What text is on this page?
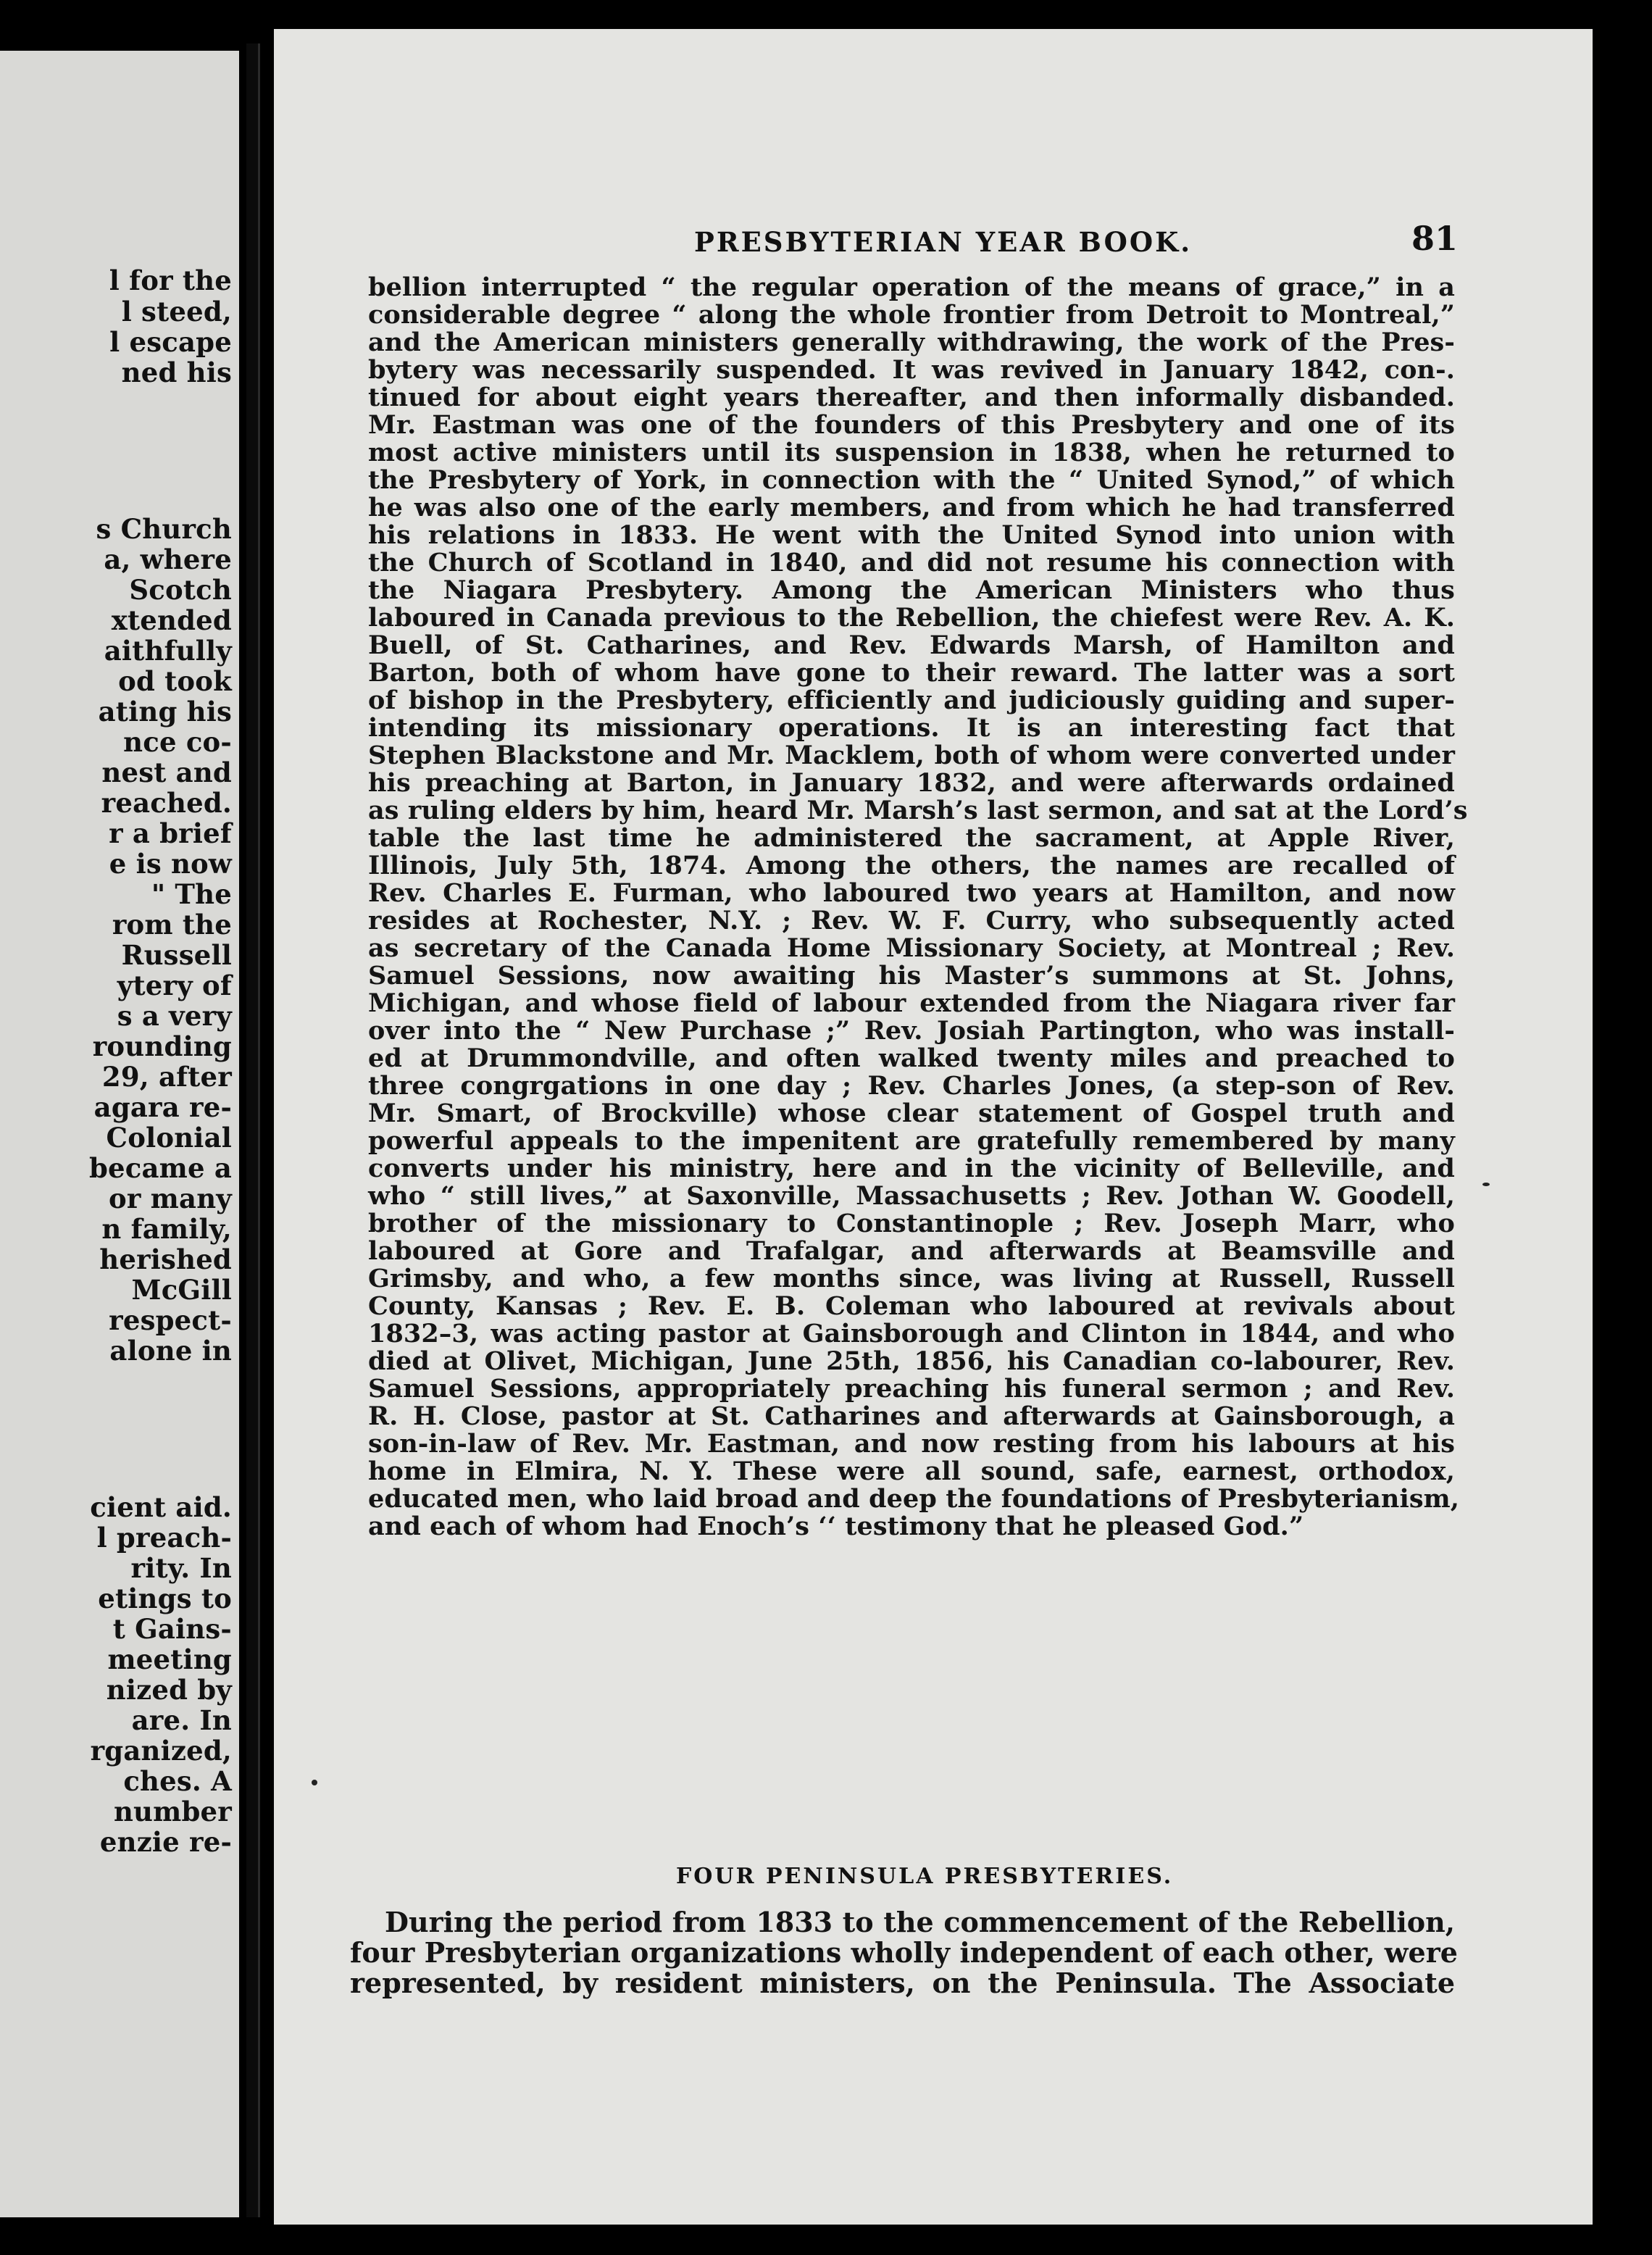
l for the
l steed,
l escape
ned his
s Church
a, where
Scotch
xtended
aithfully
od took
ating his
nce co-
nest and
reached.
r a brief
e is now
" The
rom the
Russell
ytery of
s a very
rounding
29, after
agara re-
Colonial
became a
or many
n family,
herished
McGill
respect-
alone in
cient aid.
l preach-
rity. In
etings to
t Gains-
meeting
nized by
are. In
rganized,
ches. A
number
enzie re-
PRESBYTERIAN YEAR BOOK.	81
bellion interrupted “ the regular operation of the means of grace,” in a
considerable degree “ along the whole frontier from Detroit to Montreal,”
and the American ministers generally withdrawing, the work of the Pres-
bytery was necessarily suspended. It was revived in January 1842, con-.
tinued for about eight years thereafter, and then informally disbanded.
Mr. Eastman was one of the founders of this Presbytery and one of its
most active ministers until its suspension in 1838, when he returned to
the Presbytery of York, in connection with the “ United Synod,” of which
he was also one of the early members, and from which he had transferred
his relations in 1833. He went with the United Synod into union with
the Church of Scotland in 1840, and did not resume his connection with
the Niagara Presbytery. Among the American Ministers who thus
laboured in Canada previous to the Rebellion, the chiefest were Rev. A. K.
Buell, of St. Catharines, and Rev. Edwards Marsh, of Hamilton and
Barton, both of whom have gone to their reward. The latter was a sort
of bishop in the Presbytery, efficiently and judiciously guiding and super-
intending its missionary operations. It is an interesting fact that
Stephen Blackstone and Mr. Macklem, both of whom were converted under
his preaching at Barton, in January 1832, and were afterwards ordained
as ruling elders by him, heard Mr. Marsh’s last sermon, and sat at the Lord’s
table the last time he administered the sacrament, at Apple River,
Illinois, July 5th, 1874. Among the others, the names are recalled of
Rev. Charles E. Furman, who laboured two years at Hamilton, and now
resides at Rochester, N.Y. ; Rev. W. F. Curry, who subsequently acted
as secretary of the Canada Home Missionary Society, at Montreal ; Rev.
Samuel Sessions, now awaiting his Master’s summons at St. Johns,
Michigan, and whose field of labour extended from the Niagara river far
over into the “ New Purchase ;” Rev. Josiah Partington, who was install-
ed at Drummondville, and often walked twenty miles and preached to
three congrgations in one day ; Rev. Charles Jones, (a step-son of Rev.
Mr. Smart, of Brockville) whose clear statement of Gospel truth and
powerful appeals to the impenitent are gratefully remembered by many
converts under his ministry, here and in the vicinity of Belleville, and
who “ still lives,” at Saxonville, Massachusetts ; Rev. Jothan W. Goodell,
brother of the missionary to Constantinople ; Rev. Joseph Marr, who
laboured at Gore and Trafalgar, and afterwards at Beamsville and
Grimsby, and who, a few months since, was living at Russell, Russell
County, Kansas ; Rev. E. B. Coleman who laboured at revivals about
1832–3, was acting pastor at Gainsborough and Clinton in 1844, and who
died at Olivet, Michigan, June 25th, 1856, his Canadian co-labourer, Rev.
Samuel Sessions, appropriately preaching his funeral sermon ; and Rev.
R. H. Close, pastor at St. Catharines and afterwards at Gainsborough, a
son-in-law of Rev. Mr. Eastman, and now resting from his labours at his
home in Elmira, N. Y. These were all sound, safe, earnest, orthodox,
educated men, who laid broad and deep the foundations of Presbyterianism,
and each of whom had Enoch’s ‘‘ testimony that he pleased God.”
FOUR PENINSULA PRESBYTERIES.
During the period from 1833 to the commencement of the Rebellion,
four Presbyterian organizations wholly independent of each other, were
represented, by resident ministers, on the Peninsula. The Associate
